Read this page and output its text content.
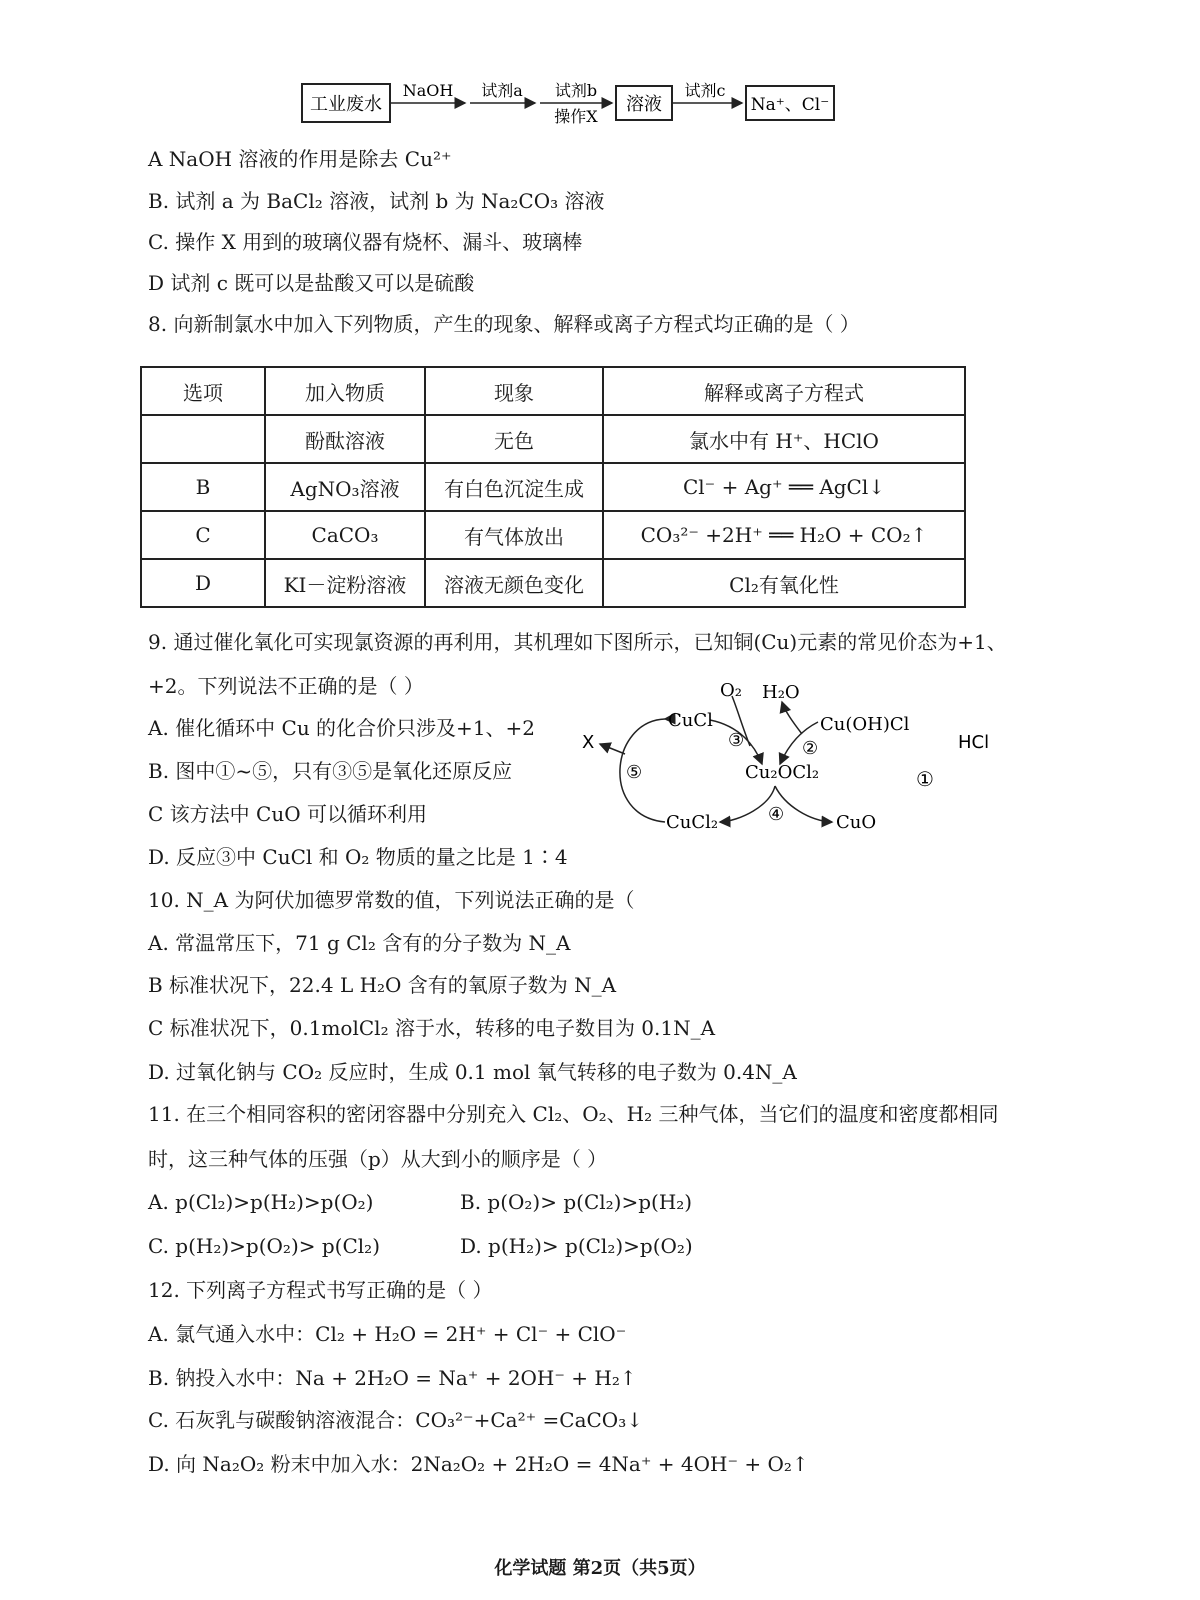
工业废水
NaOH 试剂a 试剂b
操作X
溶液
试剂c
Na⁺、Cl⁻
A NaOH 溶液的作用是除去 Cu²⁺
B. 试剂 a 为 BaCl₂ 溶液，试剂 b 为 Na₂CO₃ 溶液
C. 操作 X 用到的玻璃仪器有烧杯、漏斗、玻璃棒
D 试剂 c 既可以是盐酸又可以是硫酸
8. 向新制氯水中加入下列物质，产生的现象、解释或离子方程式均正确的是（ ）
选项	加入物质	现象	解释或离子方程式
	酚酞溶液	无色	氯水中有 H⁺、HClO
B	AgNO₃溶液	有白色沉淀生成	Cl⁻ + Ag⁺ ══ AgCl↓
C	CaCO₃	有气体放出	CO₃²⁻ +2H⁺ ══ H₂O + CO₂↑
D	KI－淀粉溶液	溶液无颜色变化	Cl₂有氧化性
9. 通过催化氧化可实现氯资源的再利用，其机理如下图所示，已知铜(Cu)元素的常见价态为+1、
+2。下列说法不正确的是（ ）
A. 催化循环中 Cu 的化合价只涉及+1、+2
B. 图中①~⑤，只有③⑤是氧化还原反应
C 该方法中 CuO 可以循环利用
D. 反应③中 CuCl 和 O₂ 物质的量之比是 1∶4
O₂ H₂O
CuCl	Cu(OH)Cl
HCl
X
Cu₂OCl₂
CuCl₂	CuO
①
②
③
④
⑤
10. N_A 为阿伏加德罗常数的值，下列说法正确的是（
A. 常温常压下，71 g Cl₂ 含有的分子数为 N_A
B 标准状况下，22.4 L H₂O 含有的氧原子数为 N_A
C 标准状况下，0.1molCl₂ 溶于水，转移的电子数目为 0.1N_A
D. 过氧化钠与 CO₂ 反应时，生成 0.1 mol 氧气转移的电子数为 0.4N_A
11. 在三个相同容积的密闭容器中分别充入 Cl₂、O₂、H₂ 三种气体，当它们的温度和密度都相同
时，这三种气体的压强（p）从大到小的顺序是（ ）
A. p(Cl₂)>p(H₂)>p(O₂)	B. p(O₂)> p(Cl₂)>p(H₂)
C. p(H₂)>p(O₂)> p(Cl₂)	D. p(H₂)> p(Cl₂)>p(O₂)
12. 下列离子方程式书写正确的是（ ）
A. 氯气通入水中：Cl₂ + H₂O = 2H⁺ + Cl⁻ + ClO⁻
B. 钠投入水中：Na + 2H₂O = Na⁺ + 2OH⁻ + H₂↑
C. 石灰乳与碳酸钠溶液混合：CO₃²⁻+Ca²⁺ =CaCO₃↓
D. 向 Na₂O₂ 粉末中加入水：2Na₂O₂ + 2H₂O = 4Na⁺ + 4OH⁻ + O₂↑
化学试题 第2页（共5页）
